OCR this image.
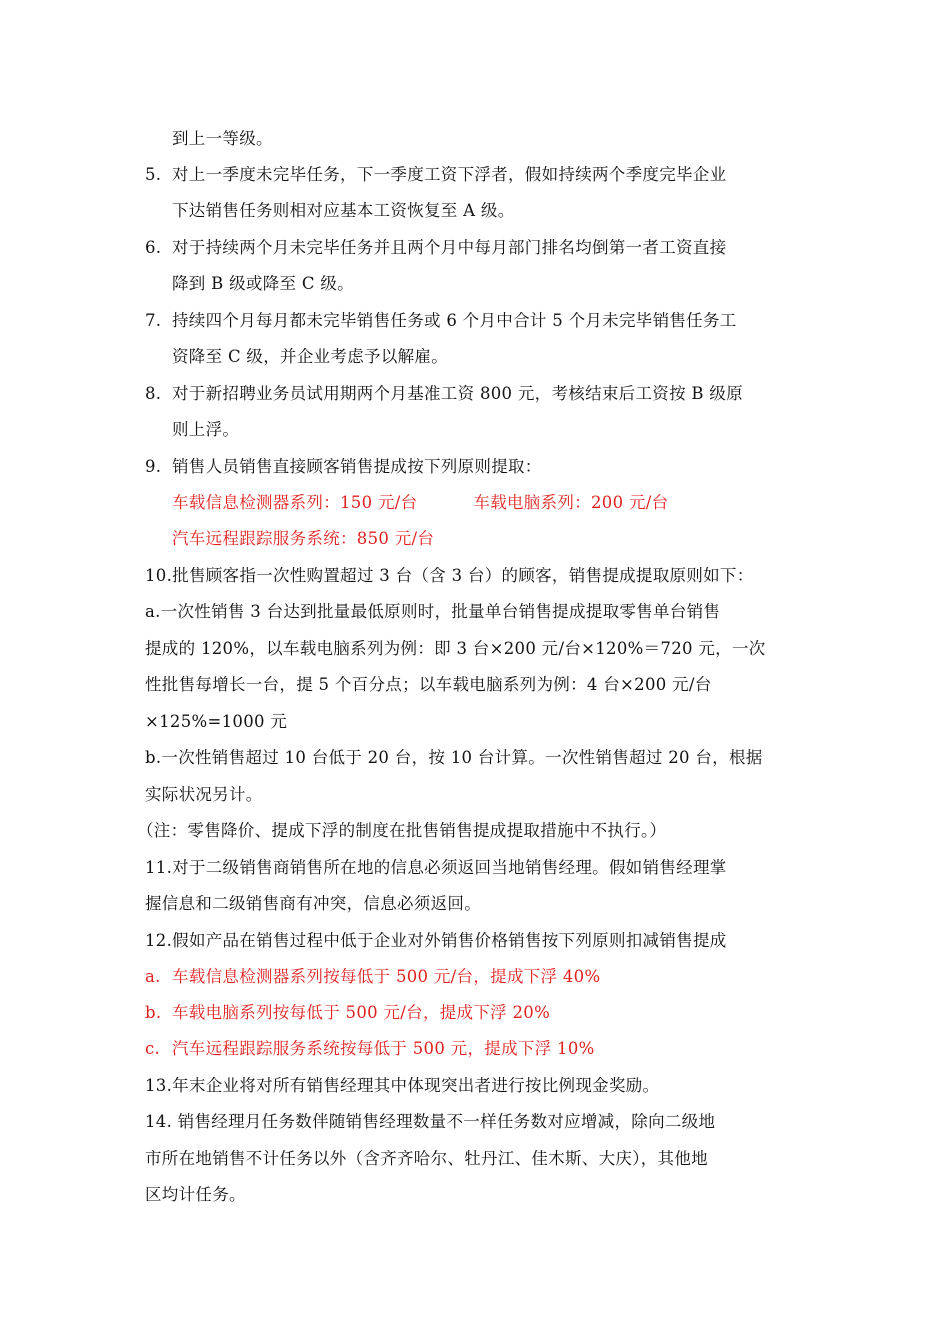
到上一等级。
5. 对上一季度未完毕任务，下一季度工资下浮者，假如持续两个季度完毕企业
下达销售任务则相对应基本工资恢复至 A 级。
6. 对于持续两个月未完毕任务并且两个月中每月部门排名均倒第一者工资直接
降到 B 级或降至 C 级。
7. 持续四个月每月都未完毕销售任务或 6 个月中合计 5 个月未完毕销售任务工
资降至 C 级，并企业考虑予以解雇。
8. 对于新招聘业务员试用期两个月基准工资 800 元，考核结束后工资按 B 级原
则上浮。
9. 销售人员销售直接顾客销售提成按下列原则提取：
车载信息检测器系列：150 元/台	车载电脑系列：200 元/台
汽车远程跟踪服务系统：850 元/台
10.批售顾客指一次性购置超过 3 台（含 3 台）的顾客，销售提成提取原则如下：
a.一次性销售 3 台达到批量最低原则时，批量单台销售提成提取零售单台销售
提成的 120%，以车载电脑系列为例：即 3 台×200 元/台×120%＝720 元，一次
性批售每增长一台，提 5 个百分点；以车载电脑系列为例：4 台×200 元/台
×125%=1000 元
b.一次性销售超过 10 台低于 20 台，按 10 台计算。一次性销售超过 20 台，根据
实际状况另计。
（注：零售降价、提成下浮的制度在批售销售提成提取措施中不执行。）
11.对于二级销售商销售所在地的信息必须返回当地销售经理。假如销售经理掌
握信息和二级销售商有冲突，信息必须返回。
12.假如产品在销售过程中低于企业对外销售价格销售按下列原则扣减销售提成
a. 车载信息检测器系列按每低于 500 元/台，提成下浮 40%
b. 车载电脑系列按每低于 500 元/台，提成下浮 20%
c. 汽车远程跟踪服务系统按每低于 500 元，提成下浮 10%
13.年末企业将对所有销售经理其中体现突出者进行按比例现金奖励。
14. 销售经理月任务数伴随销售经理数量不一样任务数对应增减，除向二级地
市所在地销售不计任务以外（含齐齐哈尔、牡丹江、佳木斯、大庆），其他地
区均计任务。
